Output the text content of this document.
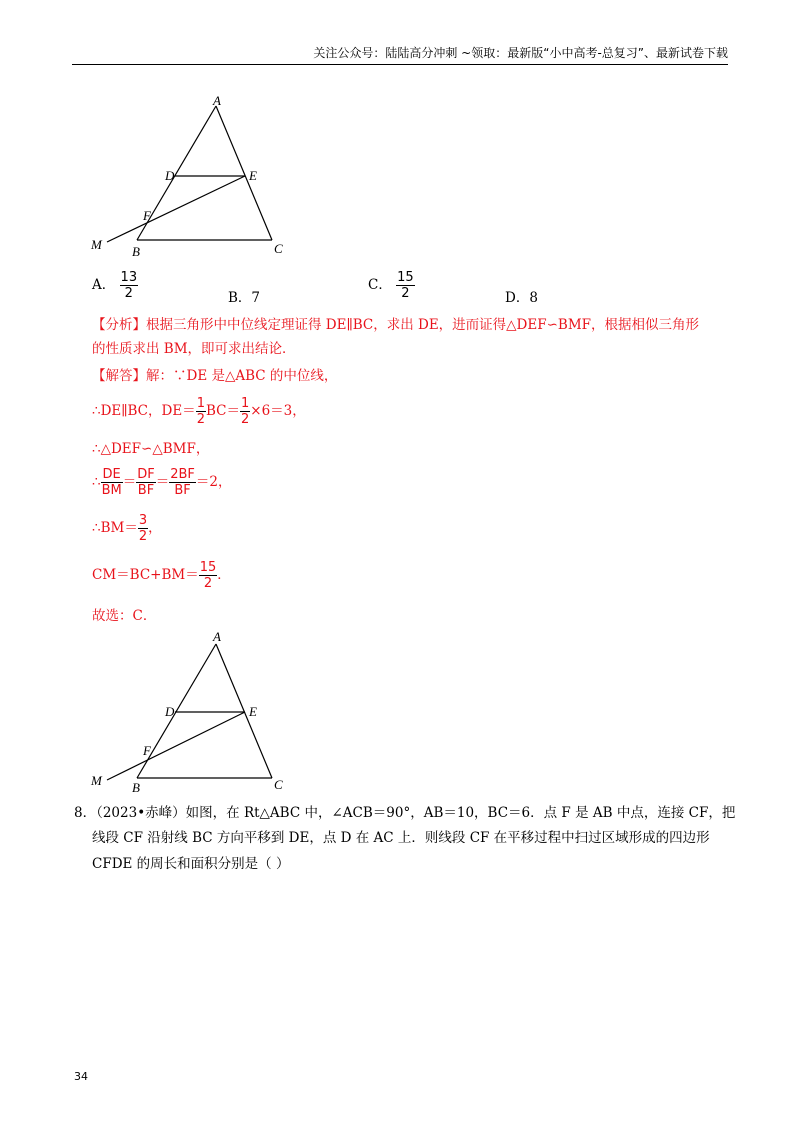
关注公众号：陆陆高分冲刺 ~领取：最新版“小中高考-总复习”、最新试卷下载
A
D	E
F
M B	C
A． $\frac{13}{2}$	B．7
C． $\frac{15}{2}$	D．8
【分析】根据三角形中中位线定理证得 DE∥BC，求出 DE，进而证得△DEF∽BMF，根据相似三角形
的性质求出 BM，即可求出结论．
【解答】解：∵DE 是△ABC 的中位线，
∴DE∥BC，$DE= \frac{1}{2} BC= \frac{1}{2} \times 6=3$，
∴△DEF∽△BMF，
∴ $\frac{DE}{BM} = \frac{DF}{BF} = \frac{2BF}{BF} =2$，
∴BM＝ $\frac{3}{2}$ ，
$CM=BC+BM= \frac{15}{2}$ ．
故选：C．
A
D	E
F
M B	C
8．（2023•赤峰）如图，在 Rt△ABC 中，∠ACB＝90°，AB＝10，BC＝6．点 F 是 AB 中点，连接 CF，把
线段 CF 沿射线 BC 方向平移到 DE，点 D 在 AC 上．则线段 CF 在平移过程中扫过区域形成的四边形
CFDE 的周长和面积分别是（ ）
34
